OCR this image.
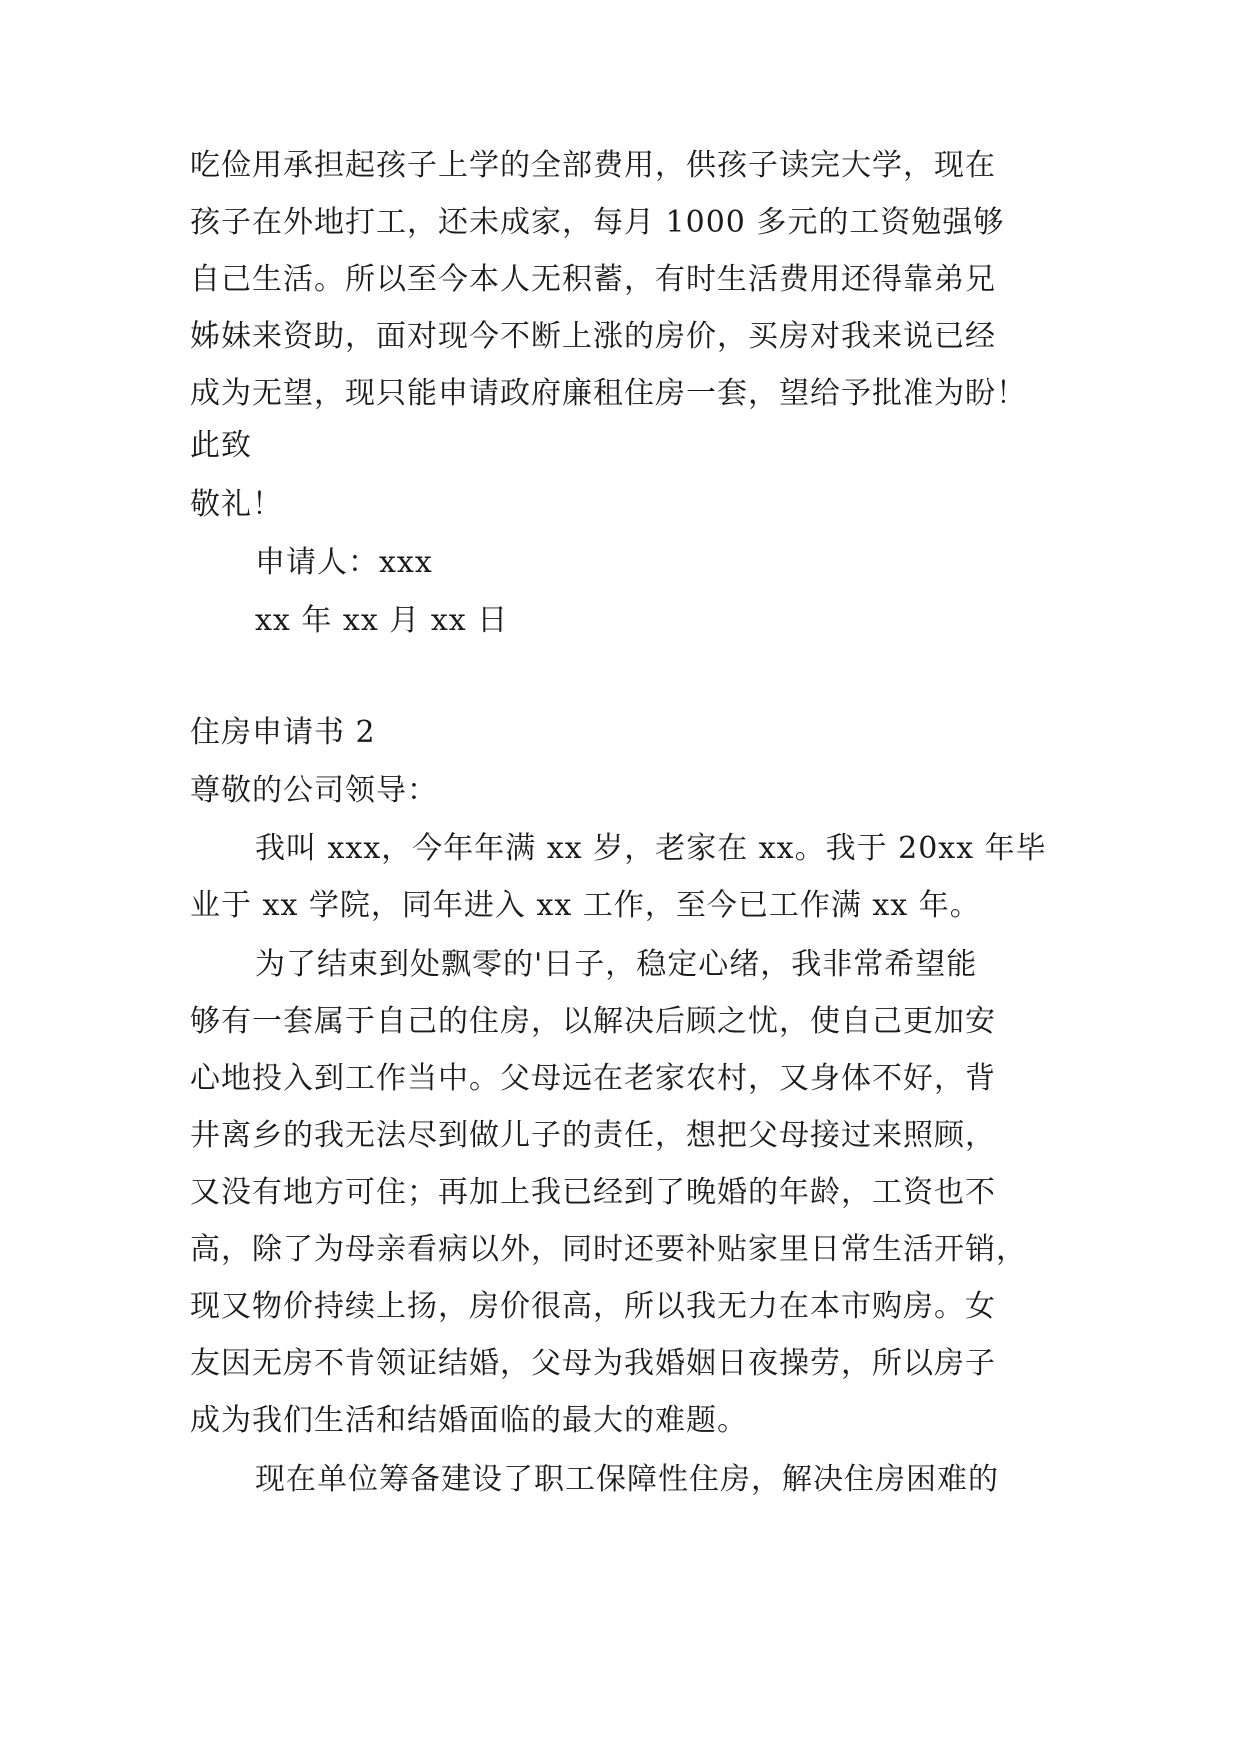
吃俭用承担起孩子上学的全部费用，供孩子读完大学，现在
孩子在外地打工，还未成家，每月 1000 多元的工资勉强够
自己生活。所以至今本人无积蓄，有时生活费用还得靠弟兄
姊妹来资助，面对现今不断上涨的房价，买房对我来说已经
成为无望，现只能申请政府廉租住房一套，望给予批准为盼！
此致
敬礼！
申请人：xxx
xx 年 xx 月 xx 日
住房申请书 2
尊敬的公司领导：
我叫 xxx，今年年满 xx 岁，老家在 xx。我于 20xx 年毕
业于 xx 学院，同年进入 xx 工作，至今已工作满 xx 年。
为了结束到处飘零的'日子，稳定心绪，我非常希望能
够有一套属于自己的住房，以解决后顾之忧，使自己更加安
心地投入到工作当中。父母远在老家农村，又身体不好，背
井离乡的我无法尽到做儿子的责任，想把父母接过来照顾，
又没有地方可住；再加上我已经到了晚婚的年龄，工资也不
高，除了为母亲看病以外，同时还要补贴家里日常生活开销，
现又物价持续上扬，房价很高，所以我无力在本市购房。女
友因无房不肯领证结婚，父母为我婚姻日夜操劳，所以房子
成为我们生活和结婚面临的最大的难题。
现在单位筹备建设了职工保障性住房，解决住房困难的
